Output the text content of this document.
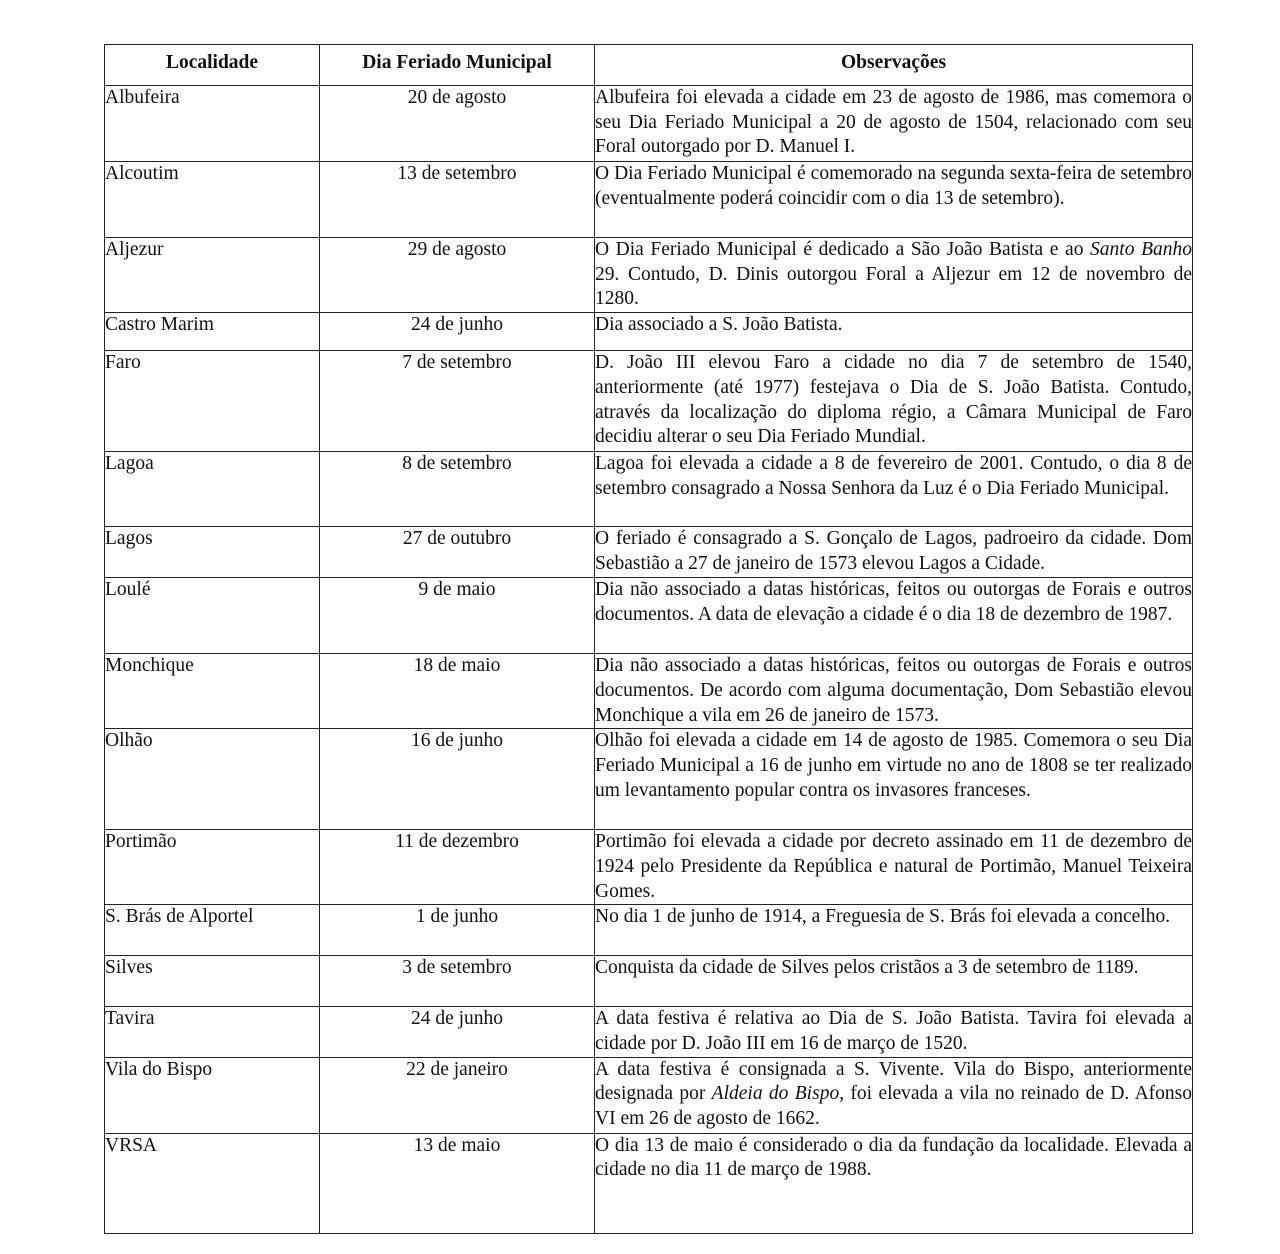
Localidade	Dia Feriado Municipal	Observações
Albufeira	20 de agosto	Albufeira foi elevada a cidade em 23 de agosto de 1986, mas comemora o seu Dia Feriado Municipal a 20 de agosto de 1504, relacionado com seu Foral outorgado por D. Manuel I.
Alcoutim	13 de setembro	O Dia Feriado Municipal é comemorado na segunda sexta-feira de setembro (eventualmente poderá coincidir com o dia 13 de setembro).
Aljezur	29 de agosto	O Dia Feriado Municipal é dedicado a São João Batista e ao Santo Banho 29. Contudo, D. Dinis outorgou Foral a Aljezur em 12 de novembro de 1280.
Castro Marim	24 de junho	Dia associado a S. João Batista.
Faro	7 de setembro	D. João III elevou Faro a cidade no dia 7 de setembro de 1540, anteriormente (até 1977) festejava o Dia de S. João Batista. Contudo, através da localização do diploma régio, a Câmara Municipal de Faro decidiu alterar o seu Dia Feriado Mundial.
Lagoa	8 de setembro	Lagoa foi elevada a cidade a 8 de fevereiro de 2001. Contudo, o dia 8 de setembro consagrado a Nossa Senhora da Luz é o Dia Feriado Municipal.
Lagos	27 de outubro	O feriado é consagrado a S. Gonçalo de Lagos, padroeiro da cidade. Dom Sebastião a 27 de janeiro de 1573 elevou Lagos a Cidade.
Loulé	9 de maio	Dia não associado a datas históricas, feitos ou outorgas de Forais e outros documentos. A data de elevação a cidade é o dia 18 de dezembro de 1987.
Monchique	18 de maio	Dia não associado a datas históricas, feitos ou outorgas de Forais e outros documentos. De acordo com alguma documentação, Dom Sebastião elevou Monchique a vila em 26 de janeiro de 1573.
Olhão	16 de junho	Olhão foi elevada a cidade em 14 de agosto de 1985. Comemora o seu Dia Feriado Municipal a 16 de junho em virtude no ano de 1808 se ter realizado um levantamento popular contra os invasores franceses.
Portimão	11 de dezembro	Portimão foi elevada a cidade por decreto assinado em 11 de dezembro de 1924 pelo Presidente da República e natural de Portimão, Manuel Teixeira Gomes.
S. Brás de Alportel	1 de junho	No dia 1 de junho de 1914, a Freguesia de S. Brás foi elevada a concelho.
Silves	3 de setembro	Conquista da cidade de Silves pelos cristãos a 3 de setembro de 1189.
Tavira	24 de junho	A data festiva é relativa ao Dia de S. João Batista. Tavira foi elevada a cidade por D. João III em 16 de março de 1520.
Vila do Bispo	22 de janeiro	A data festiva é consignada a S. Vivente. Vila do Bispo, anteriormente designada por Aldeia do Bispo, foi elevada a vila no reinado de D. Afonso VI em 26 de agosto de 1662.
VRSA	13 de maio	O dia 13 de maio é considerado o dia da fundação da localidade. Elevada a cidade no dia 11 de março de 1988.
